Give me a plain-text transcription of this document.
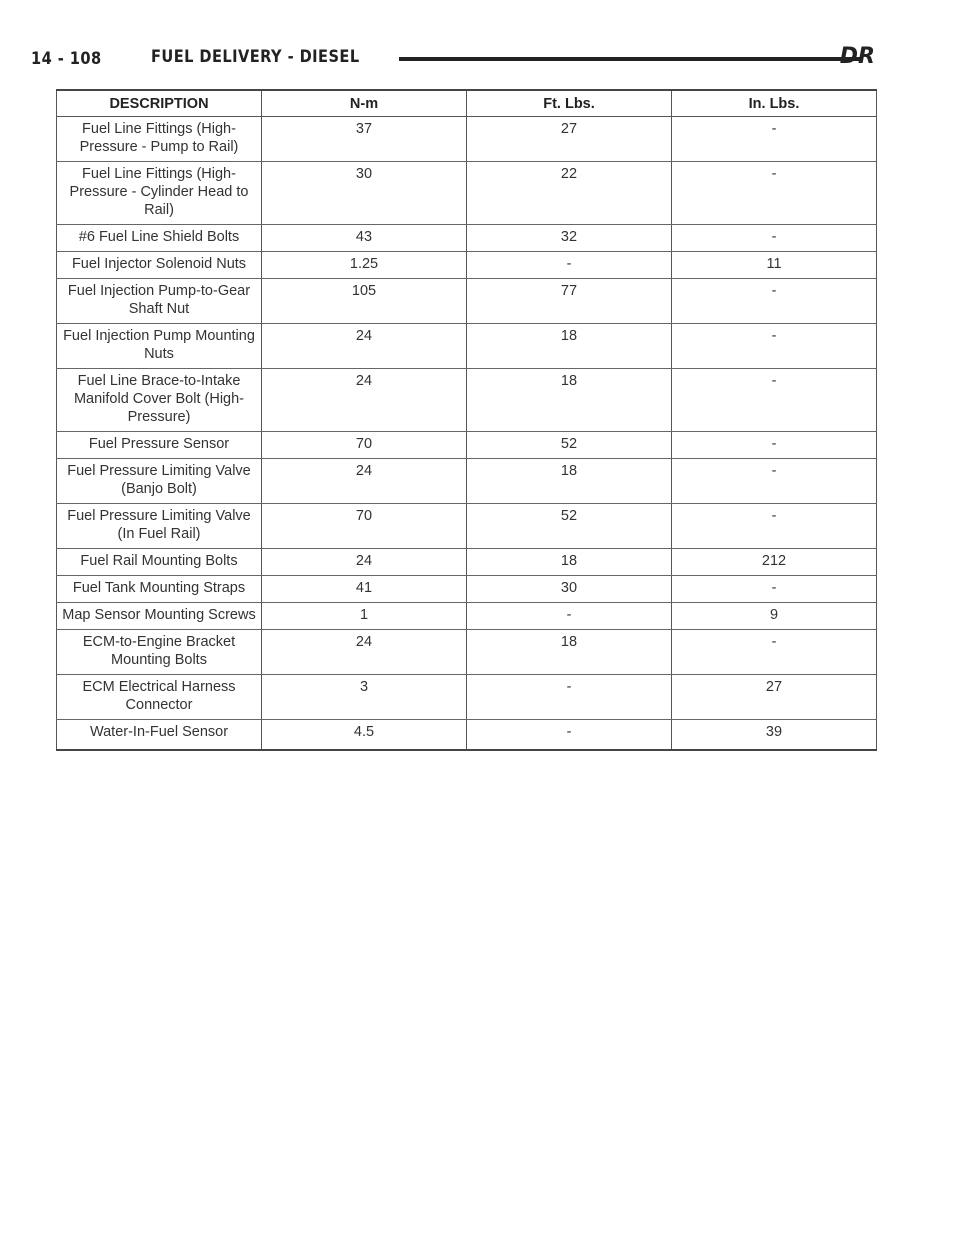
14 - 108	FUEL DELIVERY - DIESEL	DR
DESCRIPTION	N-m	Ft. Lbs.	In. Lbs.
Fuel Line Fittings (High-Pressure - Pump to Rail)	37	27	-
Fuel Line Fittings (High-Pressure - Cylinder Head to Rail)	30	22	-
#6 Fuel Line Shield Bolts	43	32	-
Fuel Injector Solenoid Nuts	1.25	-	11
Fuel Injection Pump-to-Gear Shaft Nut	105	77	-
Fuel Injection Pump Mounting Nuts	24	18	-
Fuel Line Brace-to-Intake Manifold Cover Bolt (High-Pressure)	24	18	-
Fuel Pressure Sensor	70	52	-
Fuel Pressure Limiting Valve (Banjo Bolt)	24	18	-
Fuel Pressure Limiting Valve (In Fuel Rail)	70	52	-
Fuel Rail Mounting Bolts	24	18	212
Fuel Tank Mounting Straps	41	30	-
Map Sensor Mounting Screws	1	-	9
ECM-to-Engine Bracket Mounting Bolts	24	18	-
ECM Electrical Harness Connector	3	-	27
Water-In-Fuel Sensor	4.5	-	39
